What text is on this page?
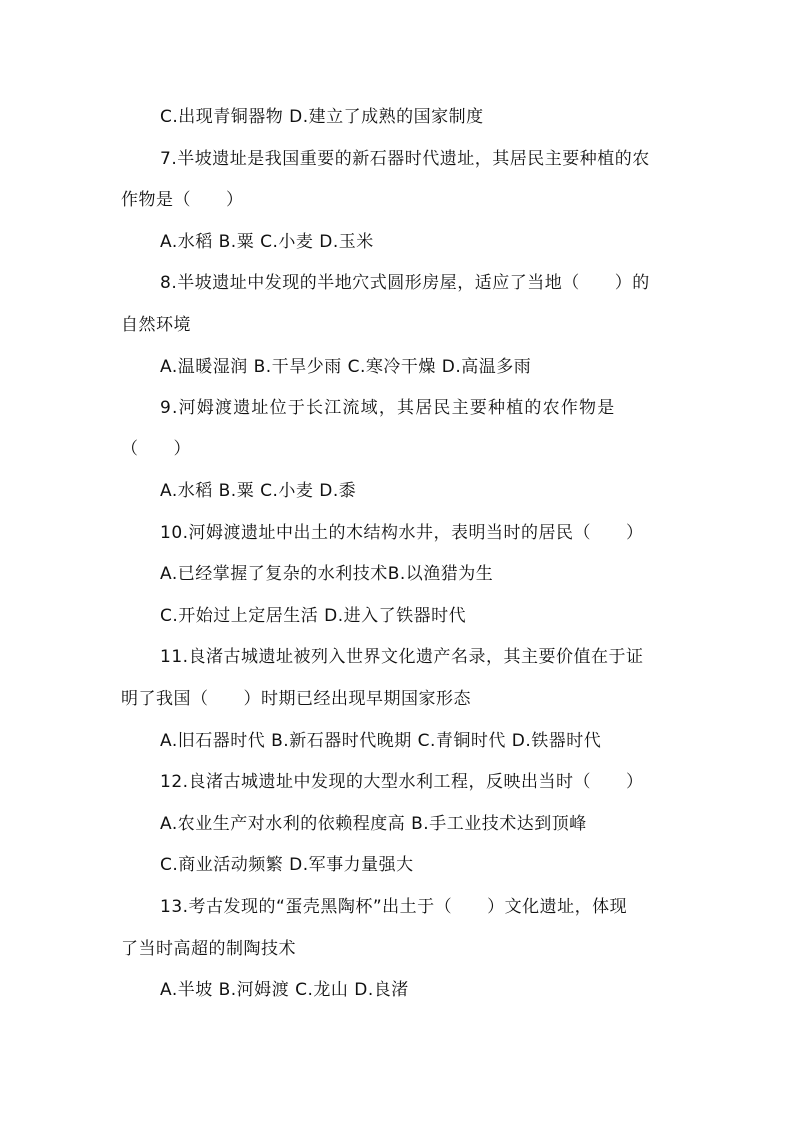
C.出现青铜器物 D.建立了成熟的国家制度
7.半坡遗址是我国重要的新石器时代遗址，其居民主要种植的农
作物是（　　）
A.水稻 B.粟 C.小麦 D.玉米
8.半坡遗址中发现的半地穴式圆形房屋，适应了当地（　　）的
自然环境
A.温暖湿润 B.干旱少雨 C.寒冷干燥 D.高温多雨
9.河姆渡遗址位于长江流域，其居民主要种植的农作物是
（　　）
A.水稻 B.粟 C.小麦 D.黍
10.河姆渡遗址中出土的木结构水井，表明当时的居民（　　）
A.已经掌握了复杂的水利技术B.以渔猎为生
C.开始过上定居生活 D.进入了铁器时代
11.良渚古城遗址被列入世界文化遗产名录，其主要价值在于证
明了我国（　　）时期已经出现早期国家形态
A.旧石器时代 B.新石器时代晚期 C.青铜时代 D.铁器时代
12.良渚古城遗址中发现的大型水利工程，反映出当时（　　）
A.农业生产对水利的依赖程度高 B.手工业技术达到顶峰
C.商业活动频繁 D.军事力量强大
13.考古发现的“蛋壳黑陶杯”出土于（　　）文化遗址，体现
了当时高超的制陶技术
A.半坡 B.河姆渡 C.龙山 D.良渚
